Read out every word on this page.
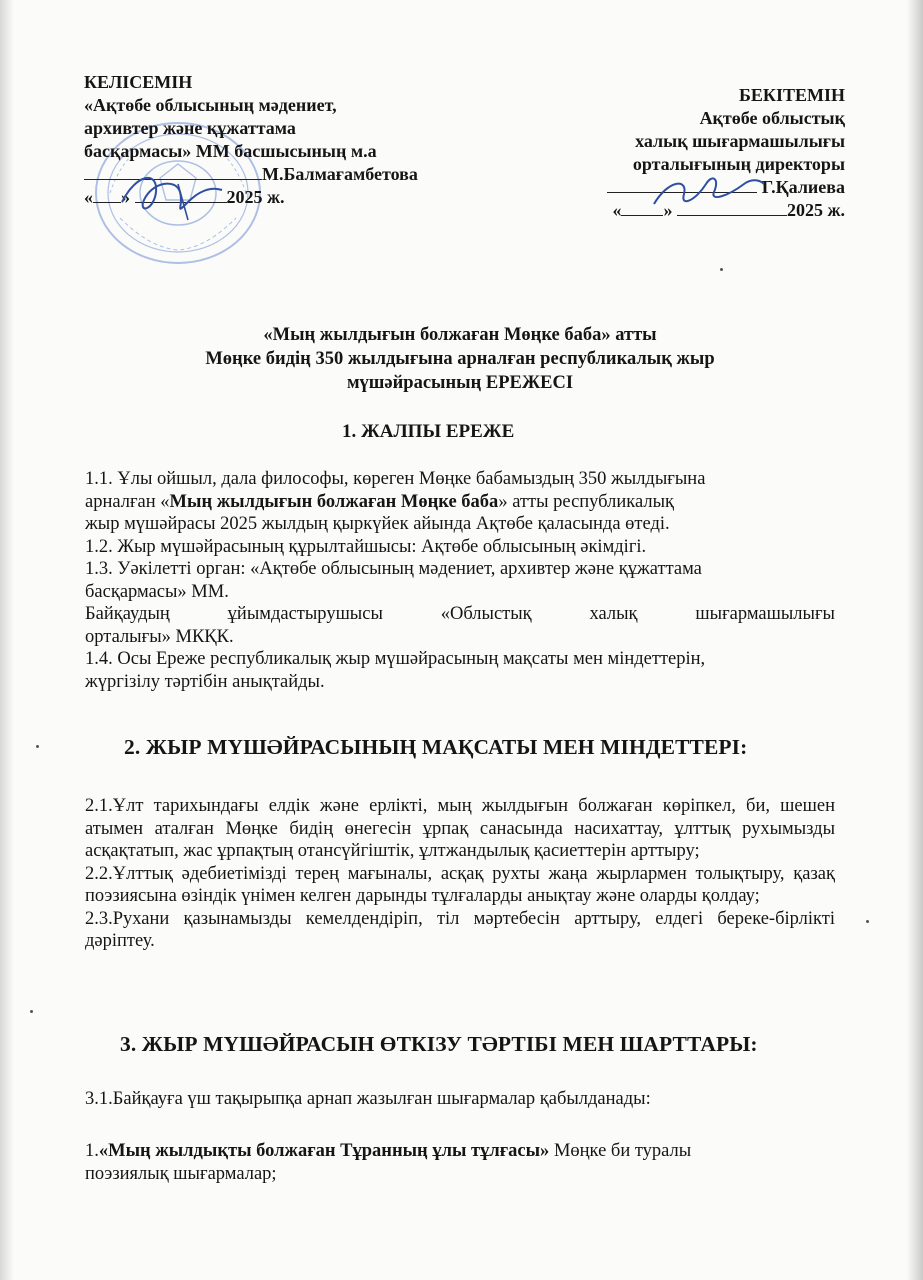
КЕЛІСЕМІН
«Ақтөбе облысының мәдениет,
архивтер және құжаттама
басқармасы» ММ басшысының м.а
М.Балмағамбетова
« »	2025 ж.
БЕКІТЕМІН
Ақтөбе облыстық
халық шығармашылығы
орталығының директоры
Г.Қалиева
« »	2025 ж.
«Мың жылдығын болжаған Мөңке баба» атты
Мөңке бидің 350 жылдығына арналған республикалық жыр
мүшәйрасының ЕРЕЖЕСІ
1. ЖАЛПЫ ЕРЕЖЕ
1.1. Ұлы ойшыл, дала философы, көреген Мөңке бабамыздың 350 жылдығына
арналған «Мың жылдығын болжаған Мөңке баба» атты республикалық
жыр мүшәйрасы 2025 жылдың қыркүйек айында Ақтөбе қаласында өтеді.
1.2. Жыр мүшәйрасының құрылтайшысы: Ақтөбе облысының әкімдігі.
1.3. Уәкілетті орган: «Ақтөбе облысының мәдениет, архивтер және құжаттама
басқармасы» ММ.
Байқаудың	ұйымдастырушысы	«Облыстық	халық	шығармашылығы
орталығы» МКҚК.
1.4. Осы Ереже республикалық жыр мүшәйрасының мақсаты мен міндеттерін,
жүргізілу тәртібін анықтайды.
2. ЖЫР МҮШӘЙРАСЫНЫҢ МАҚСАТЫ МЕН МІНДЕТТЕРІ:
2.1.Ұлт тарихындағы елдік және ерлікті, мың жылдығын болжаған көріпкел, би, шешен атымен аталған Мөңке бидің өнегесін ұрпақ санасында насихаттау, ұлттық рухымызды асқақтатып, жас ұрпақтың отансүйгіштік, ұлтжандылық қасиеттерін арттыру;
2.2.Ұлттық әдебиетімізді терең мағыналы, асқақ рухты жаңа жырлармен толықтыру, қазақ поэзиясына өзіндік үнімен келген дарынды тұлғаларды анықтау және оларды қолдау;
2.3.Рухани қазынамызды кемелдендіріп, тіл мәртебесін арттыру, елдегі береке-бірлікті дәріптеу.
3. ЖЫР МҮШӘЙРАСЫН ӨТКІЗУ ТӘРТІБІ МЕН ШАРТТАРЫ:
3.1.Байқауға үш тақырыпқа арнап жазылған шығармалар қабылданады:
1.«Мың жылдықты болжаған Тұранның ұлы тұлғасы» Мөңке би туралы
поэзиялық шығармалар;
